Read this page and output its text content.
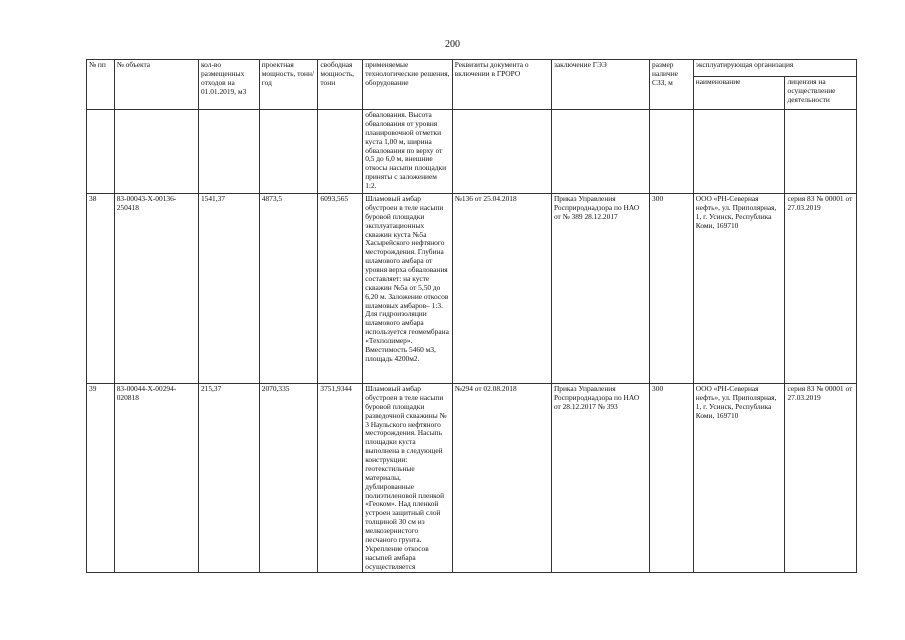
200
№ пп	№ объекта	кол-во размещенных отходов на 01.01.2019, м3	проектная мощность, тонн/год	свободная мощность, тонн	применяемые технологические решения, оборудование	Реквизиты документа о включении в ГРОРО	заключение ГЭЭ	размер наличие СЗЗ, м	эксплуатирующая организация	
									наименование	лицензия на осуществление деятельности
					обвалования. Высота обвалования от уровня планировочной отметки куста 1,00 м, ширина обвалования по верху от 0,5 до 6,0 м, внешние откосы насыпи площадки приняты с заложением 1:2.					
38	83-00043-Х-00136-250418	1541,37	4873,5	6093,565	Шламовый амбар обустроен в теле насыпи буровой площадки эксплуатационных скважин куста №5а Хасырейского нефтяного месторождения. Глубина шламового амбара от уровня верха обвалования составляет: на кусте скважин №5а от 5,50 до 6,20 м. Заложение откосов шламовых амбаров– 1:3. Для гидроизоляции шламового амбара используется геомембрана «Техполимер». Вместимость 5460 м3, площадь 4200м2.	№136 от 25.04.2018	Приказ Управления Росприроднадзора по НАО от № 389 28.12.2017	300	ООО «РН-Северная нефть», ул. Приполярная, 1, г. Усинск, Республика Коми, 169710	серия 83 № 00001 от 27.03.2019
39	83-00044-Х-00294-020818	215,37	2070,335	3751,9344	Шламовый амбар обустроен в теле насыпи буровой площадки разведочной скважины № 3 Наульского нефтяного месторождения. Насыпь площадки куста выполнена в следующей конструкции: геотекстильные материалы, дублированные полиэтиленовой пленкой «Геоком». Над пленкой устроен защитный слой толщиной 30 см из мелкозернистого песчаного грунта. Укрепление откосов насыпей амбара осуществляется	№294 от 02.08.2018	Приказ Управления Росприроднадзора по НАО от 28.12.2017 № 393	300	ООО «РН-Северная нефть», ул. Приполярная, 1, г. Усинск, Республика Коми, 169710	серия 83 № 00001 от 27.03.2019
